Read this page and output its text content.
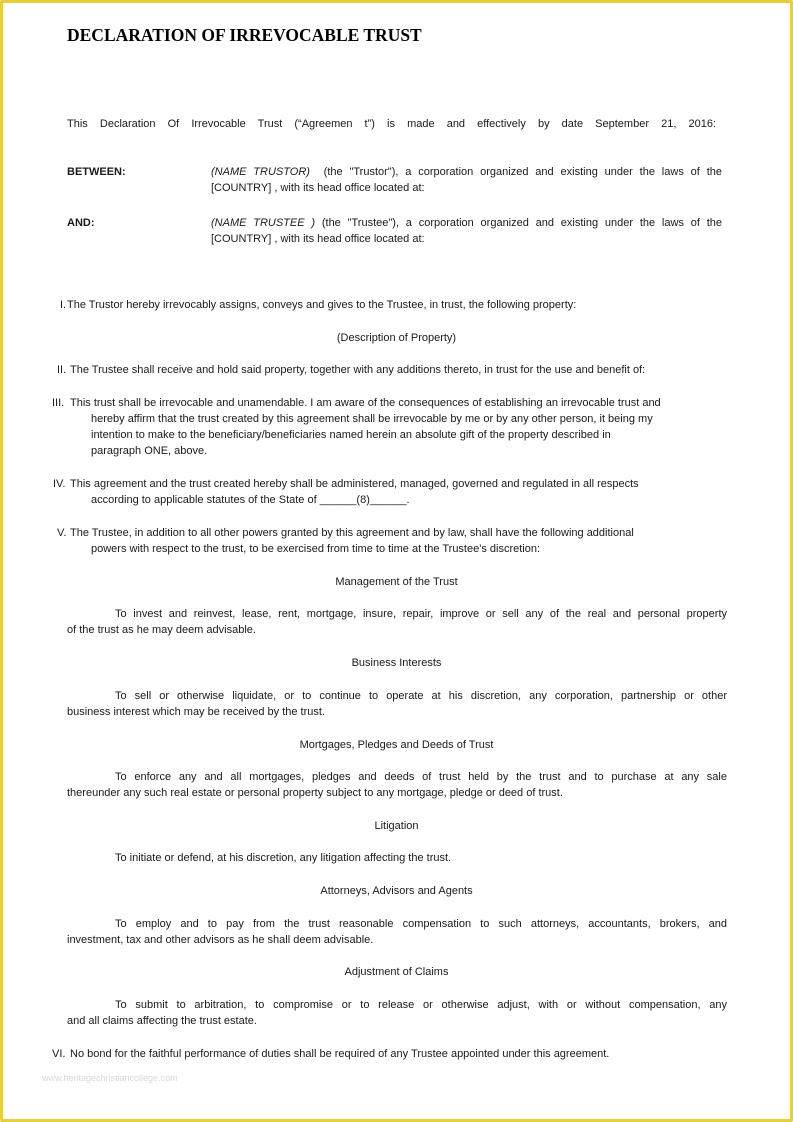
DECLARATION OF IRREVOCABLE TRUST
This Declaration Of Irrevocable Trust (“Agreemen t”) is made and effectively by date September 21, 2016:
BETWEEN:	(NAME TRUSTOR)  (the "Trustor"), a corporation organized and existing under the laws of the
[COUNTRY] , with its head office located at:
AND:	(NAME TRUSTEE ) (the "Trustee"), a corporation organized and existing under the laws of the
[COUNTRY] , with its head office located at:
I. The Trustor hereby irrevocably assigns, conveys and gives to the Trustee, in trust, the following property:
(Description of Property)
II. The Trustee shall receive and hold said property, together with any additions thereto, in trust for the use and benefit of:
III. This trust shall be irrevocable and unamendable. I am aware of the consequences of establishing an irrevocable trust and
hereby affirm that the trust created by this agreement shall be irrevocable by me or by any other person, it being my
intention to make to the beneficiary/beneficiaries named herein an absolute gift of the property described in
paragraph ONE, above.
IV. This agreement and the trust created hereby shall be administered, managed, governed and regulated in all respects
according to applicable statutes of the State of ______(8)______.
V. The Trustee, in addition to all other powers granted by this agreement and by law, shall have the following additional
powers with respect to the trust, to be exercised from time to time at the Trustee's discretion:
Management of the Trust
To invest and reinvest, lease, rent, mortgage, insure, repair, improve or sell any of the real and personal property
of the trust as he may deem advisable.
Business Interests
To sell or otherwise liquidate, or to continue to operate at his discretion, any corporation, partnership or other
business interest which may be received by the trust.
Mortgages, Pledges and Deeds of Trust
To enforce any and all mortgages, pledges and deeds of trust held by the trust and to purchase at any sale
thereunder any such real estate or personal property subject to any mortgage, pledge or deed of trust.
Litigation
To initiate or defend, at his discretion, any litigation affecting the trust.
Attorneys, Advisors and Agents
To employ and to pay from the trust reasonable compensation to such attorneys, accountants, brokers, and
investment, tax and other advisors as he shall deem advisable.
Adjustment of Claims
To submit to arbitration, to compromise or to release or otherwise adjust, with or without compensation, any
and all claims affecting the trust estate.
VI. No bond for the faithful performance of duties shall be required of any Trustee appointed under this agreement.
www.heritagechristiancollege.com
